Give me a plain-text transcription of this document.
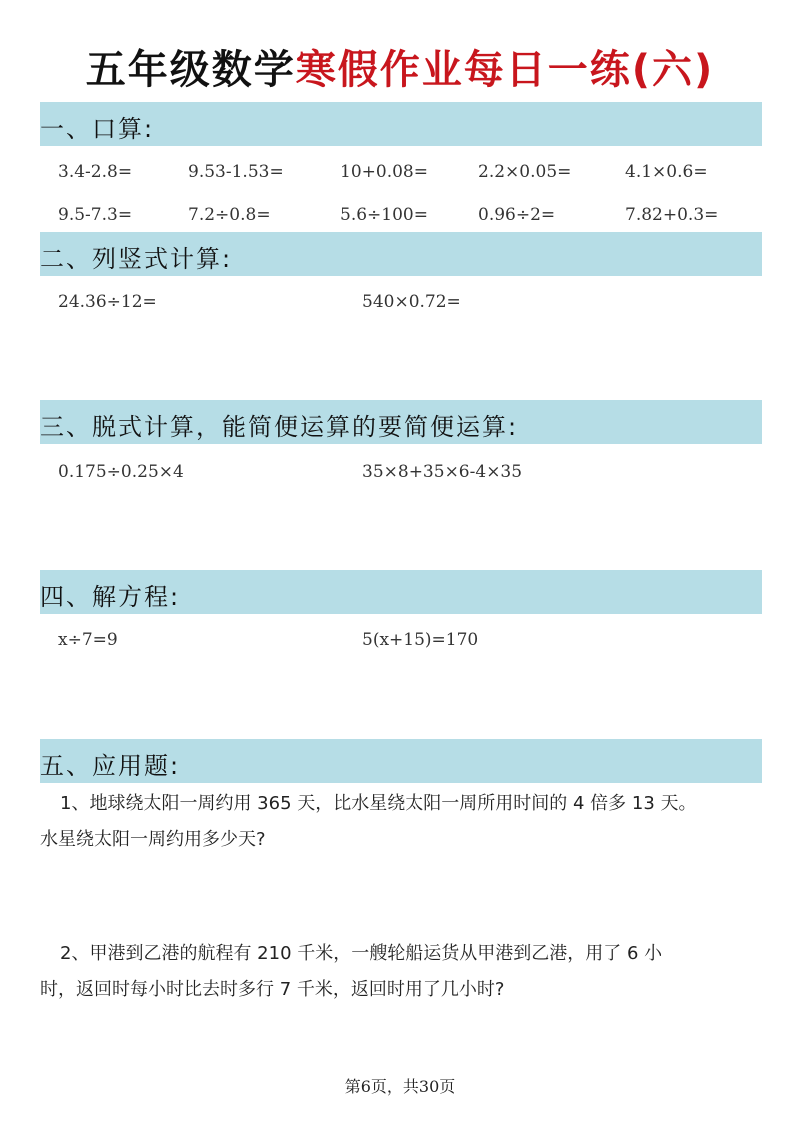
五年级数学寒假作业每日一练(六)
一、口算:
3.4-2.8=	9.53-1.53=	10+0.08=	2.2×0.05=	4.1×0.6=
9.5-7.3=	7.2÷0.8=	5.6÷100=	0.96÷2=	7.82+0.3=
二、列竖式计算:
24.36÷12=	540×0.72=
三、脱式计算，能简便运算的要简便运算:
0.175÷0.25×4	35×8+35×6-4×35
四、解方程:
x÷7=9	5(x+15)=170
五、应用题:

1、地球绕太阳一周约用 365 天，比水星绕太阳一周所用时间的 4 倍多 13 天。

水星绕太阳一周约用多少天?

2、甲港到乙港的航程有 210 千米，一艘轮船运货从甲港到乙港，用了 6 小

时，返回时每小时比去时多行 7 千米，返回时用了几小时?

第6页，共30页
